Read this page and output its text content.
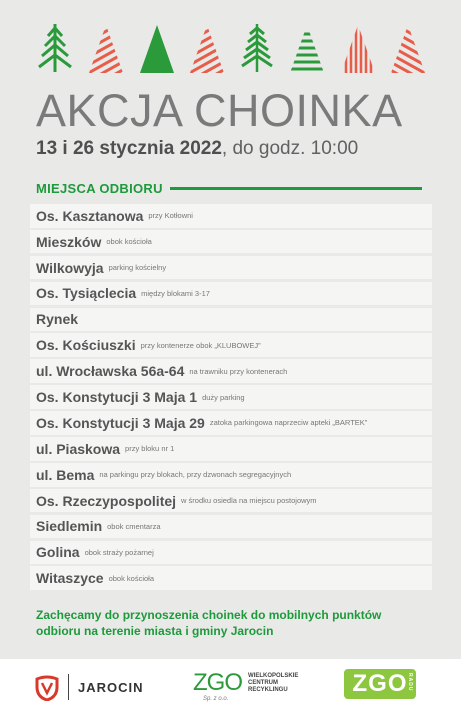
AKCJA CHOINKA
13 i 26 stycznia 2022, do godz. 10:00
MIEJSCA ODBIORU
Os. Kasztanowa przy Kotłowni
Mieszków obok kościoła
Wilkowyja parking kościelny
Os. Tysiąclecia między blokami 3-17
Rynek
Os. Kościuszki przy kontenerze obok „KLUBOWEJ”
ul. Wrocławska 56a-64 na trawniku przy kontenerach
Os. Konstytucji 3 Maja 1 duży parking
Os. Konstytucji 3 Maja 29 zatoka parkingowa naprzeciw apteki „BARTEK”
ul. Piaskowa przy bloku nr 1
ul. Bema na parkingu przy blokach, przy dzwonach segregacyjnych
Os. Rzeczypospolitej w środku osiedla na miejscu postojowym
Siedlemin obok cmentarza
Golina obok straży pożarnej
Witaszyce obok kościoła

Zachęcamy do przynoszenia choinek do mobilnych punktów odbioru na terenie miasta i gminy Jarocin

JAROCIN ZGO
Sp. z o.o.
WIELKOPOLSKIE
CENTRUM
RECYKLINGU	ZGO RADU
